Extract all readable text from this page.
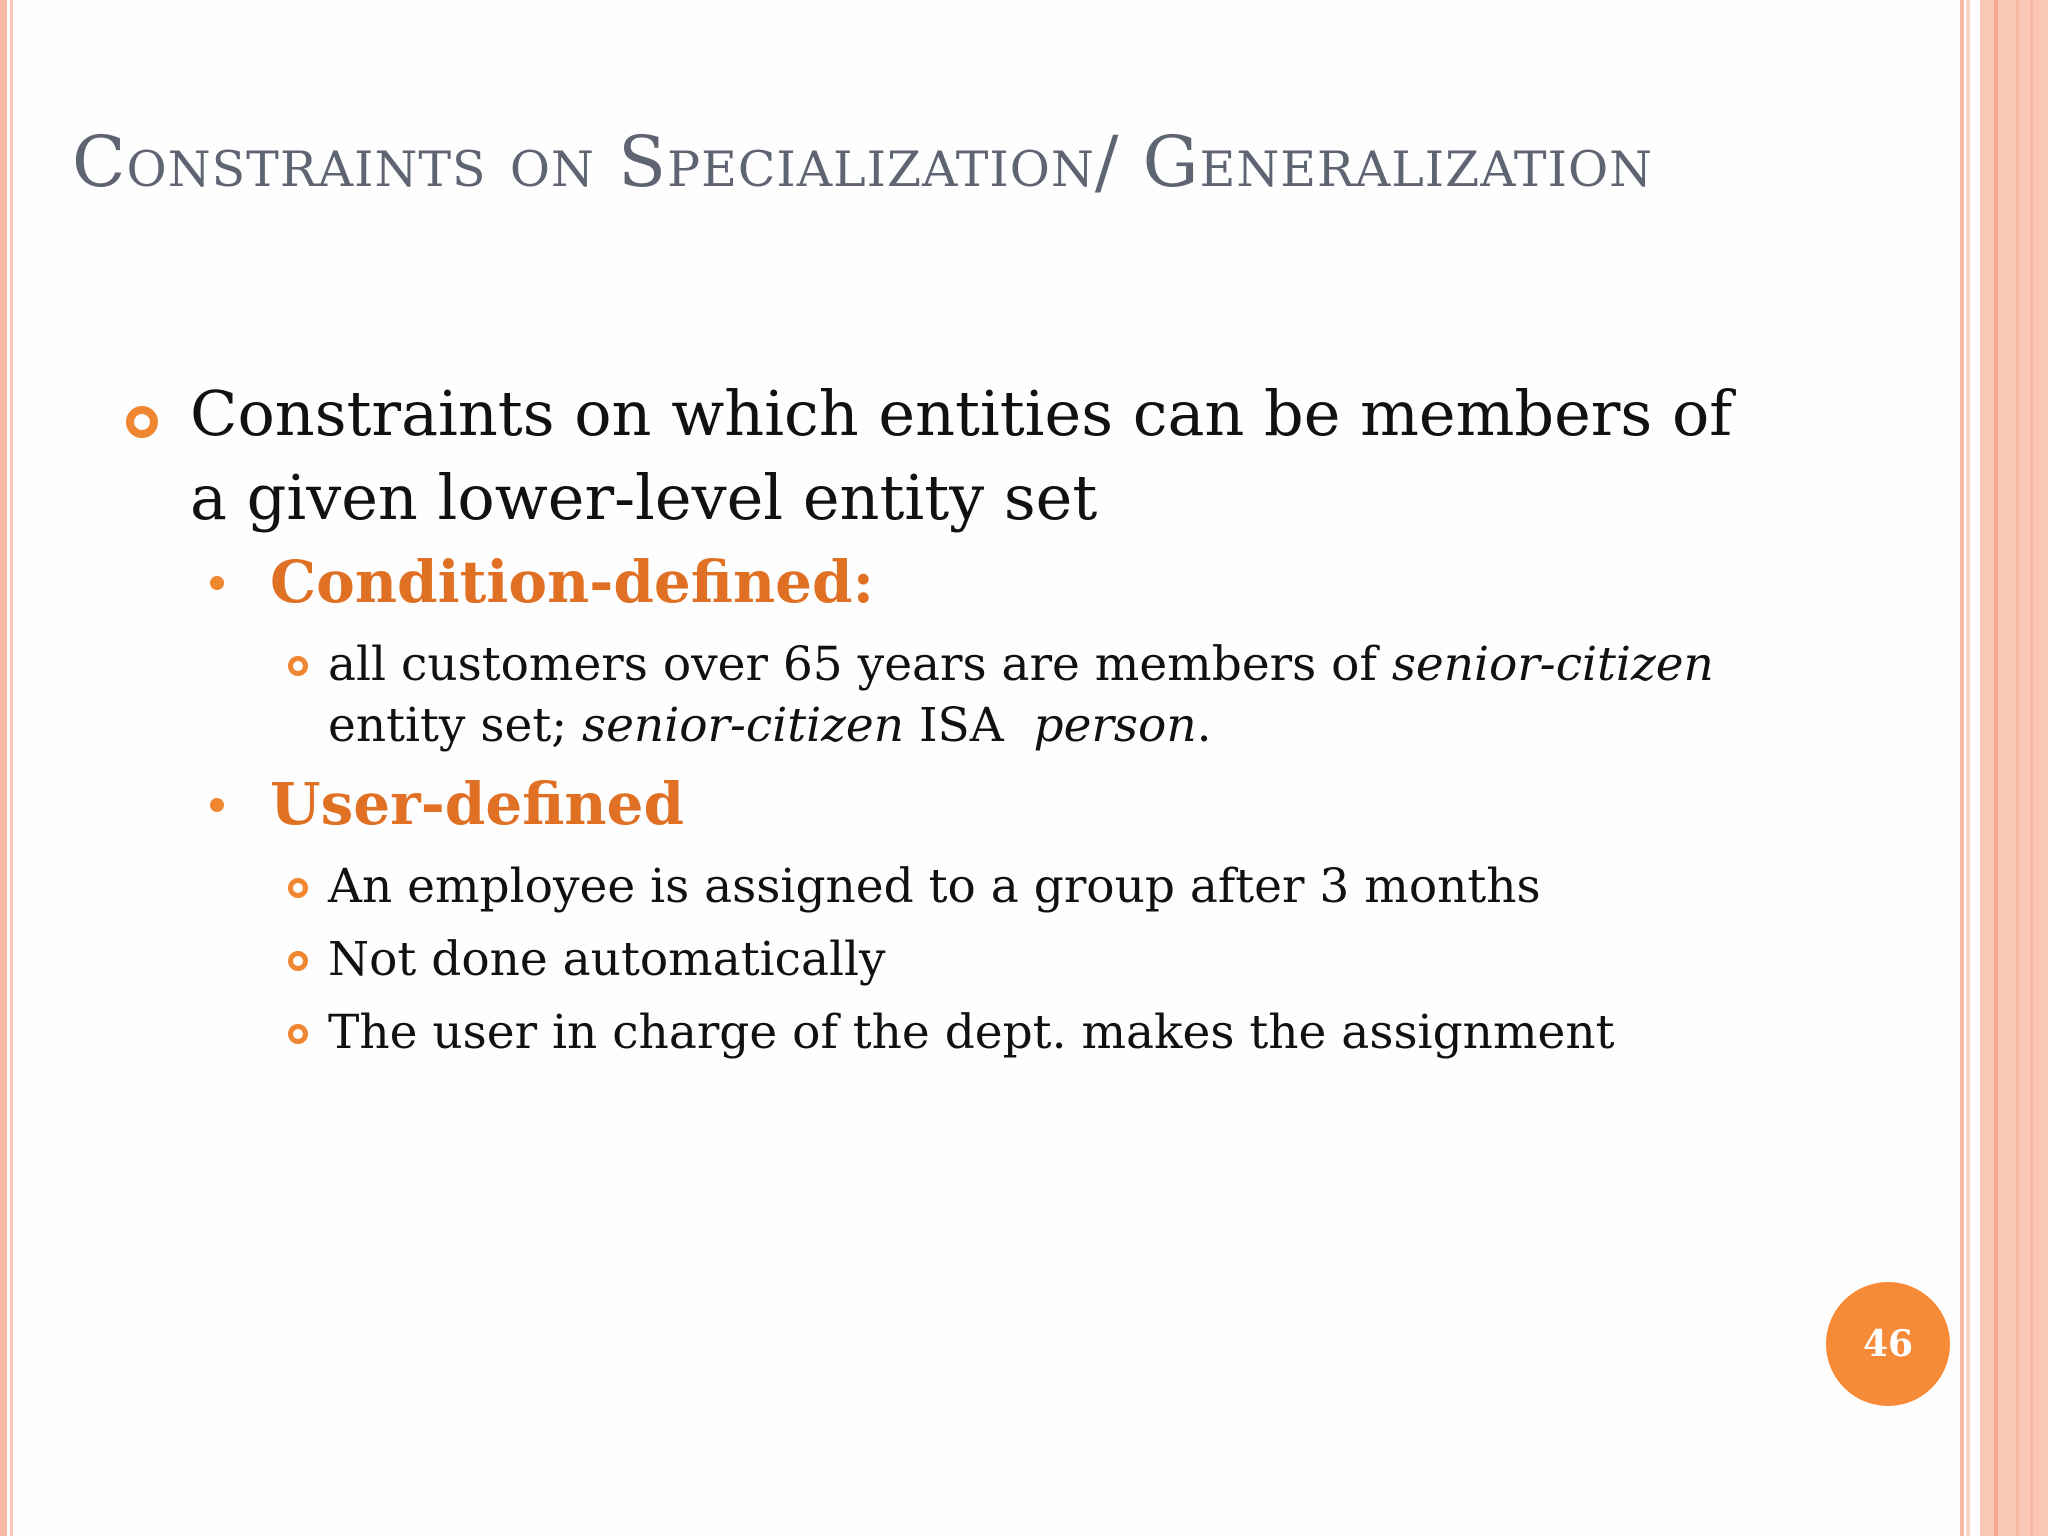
Constraints on Specialization/ Generalization
Constraints on which entities can be members of a given lower-level entity set
Condition-defined:
all customers over 65 years are members of senior-citizen
entity set; senior-citizen ISA  person.
User-defined
An employee is assigned to a group after 3 months
Not done automatically
The user in charge of the dept. makes the assignment
46
